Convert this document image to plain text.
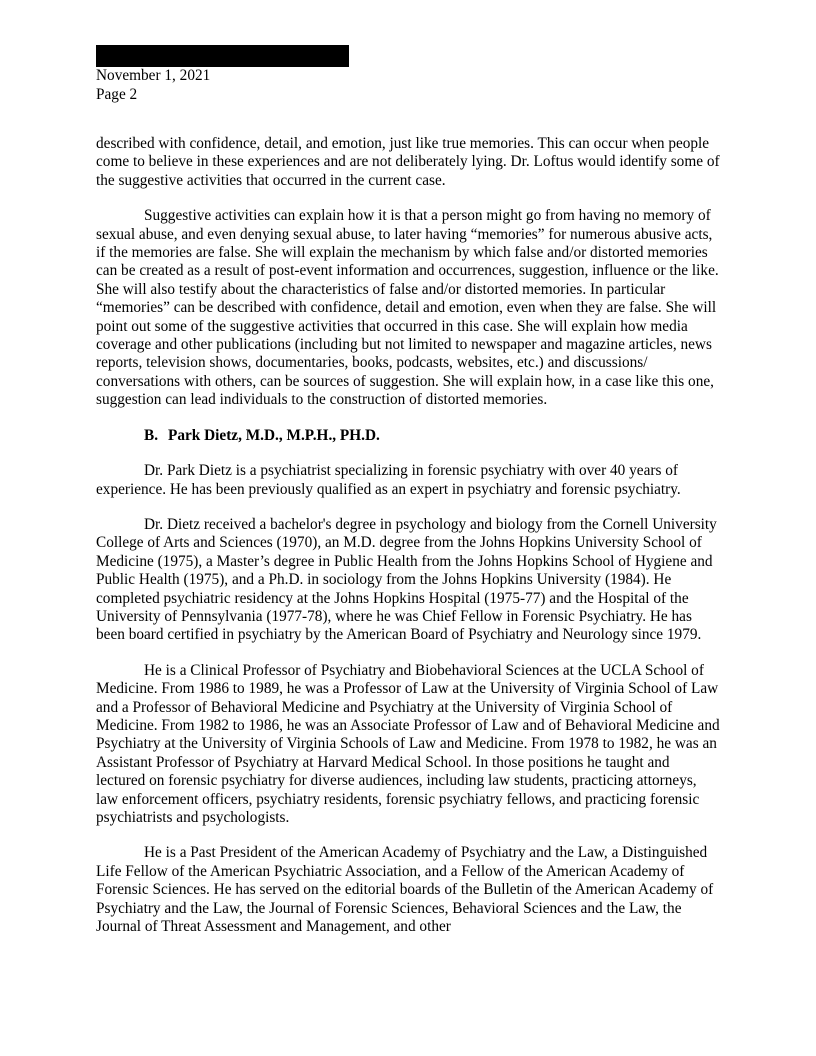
November 1, 2021
Page 2

described with confidence, detail, and emotion, just like true memories. This can occur when people come to believe in these experiences and are not deliberately lying. Dr. Loftus would identify some of the suggestive activities that occurred in the current case.

Suggestive activities can explain how it is that a person might go from having no memory of sexual abuse, and even denying sexual abuse, to later having “memories” for numerous abusive acts, if the memories are false. She will explain the mechanism by which false and/or distorted memories can be created as a result of post-event information and occurrences, suggestion, influence or the like. She will also testify about the characteristics of false and/or distorted memories. In particular “memories” can be described with confidence, detail and emotion, even when they are false. She will point out some of the suggestive activities that occurred in this case. She will explain how media coverage and other publications (including but not limited to newspaper and magazine articles, news reports, television shows, documentaries, books, podcasts, websites, etc.) and discussions/ conversations with others, can be sources of suggestion. She will explain how, in a case like this one, suggestion can lead individuals to the construction of distorted memories.

B. Park Dietz, M.D., M.P.H., PH.D.

Dr. Park Dietz is a psychiatrist specializing in forensic psychiatry with over 40 years of experience. He has been previously qualified as an expert in psychiatry and forensic psychiatry.

Dr. Dietz received a bachelor's degree in psychology and biology from the Cornell University College of Arts and Sciences (1970), an M.D. degree from the Johns Hopkins University School of Medicine (1975), a Master’s degree in Public Health from the Johns Hopkins School of Hygiene and Public Health (1975), and a Ph.D. in sociology from the Johns Hopkins University (1984). He completed psychiatric residency at the Johns Hopkins Hospital (1975-77) and the Hospital of the University of Pennsylvania (1977-78), where he was Chief Fellow in Forensic Psychiatry. He has been board certified in psychiatry by the American Board of Psychiatry and Neurology since 1979.

He is a Clinical Professor of Psychiatry and Biobehavioral Sciences at the UCLA School of Medicine. From 1986 to 1989, he was a Professor of Law at the University of Virginia School of Law and a Professor of Behavioral Medicine and Psychiatry at the University of Virginia School of Medicine. From 1982 to 1986, he was an Associate Professor of Law and of Behavioral Medicine and Psychiatry at the University of Virginia Schools of Law and Medicine. From 1978 to 1982, he was an Assistant Professor of Psychiatry at Harvard Medical School. In those positions he taught and lectured on forensic psychiatry for diverse audiences, including law students, practicing attorneys, law enforcement officers, psychiatry residents, forensic psychiatry fellows, and practicing forensic psychiatrists and psychologists.

He is a Past President of the American Academy of Psychiatry and the Law, a Distinguished Life Fellow of the American Psychiatric Association, and a Fellow of the American Academy of Forensic Sciences. He has served on the editorial boards of the Bulletin of the American Academy of Psychiatry and the Law, the Journal of Forensic Sciences, Behavioral Sciences and the Law, the Journal of Threat Assessment and Management, and other
